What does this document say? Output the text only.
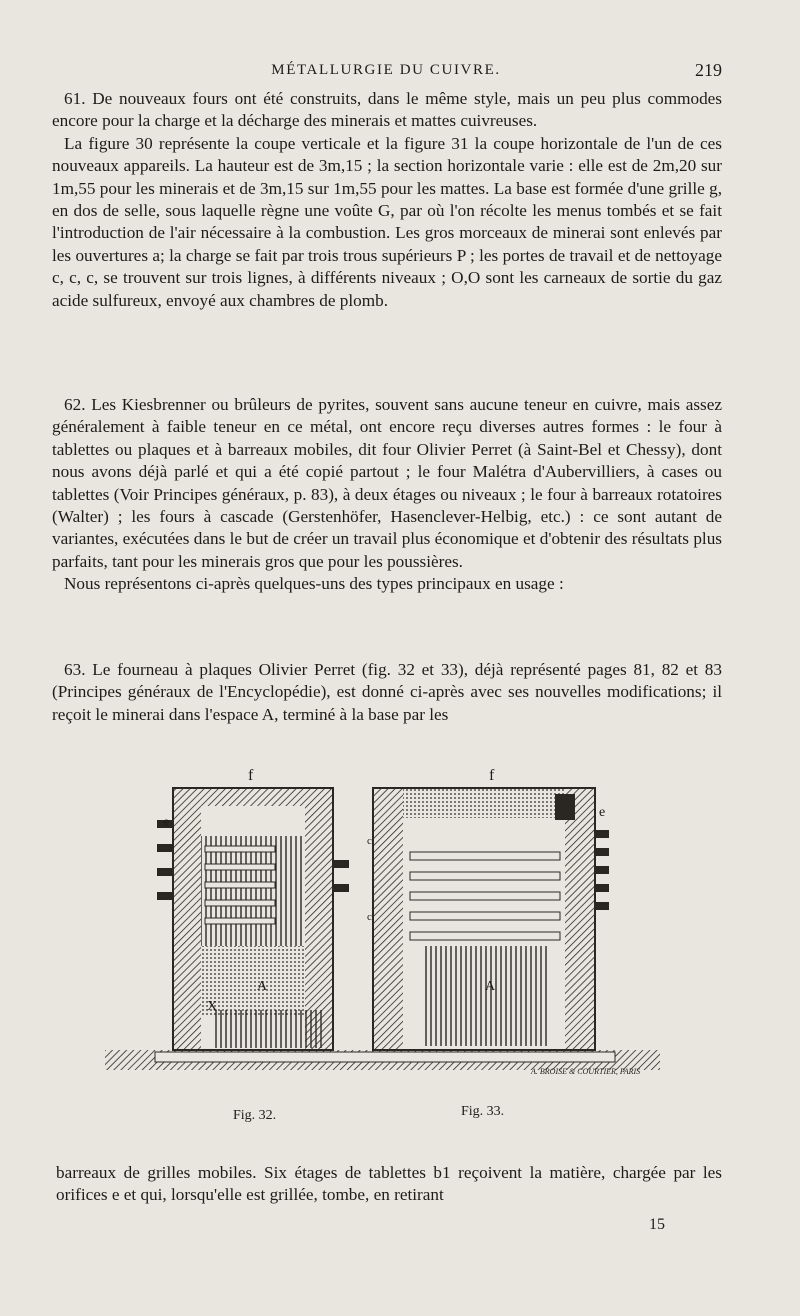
MÉTALLURGIE DU CUIVRE.	219

61. De nouveaux fours ont été construits, dans le même style, mais un peu plus commodes encore pour la charge et la décharge des minerais et mattes cuivreuses.

La figure 30 représente la coupe verticale et la figure 31 la coupe horizontale de l'un de ces nouveaux appareils. La hauteur est de 3m,15 ; la section horizontale varie : elle est de 2m,20 sur 1m,55 pour les minerais et de 3m,15 sur 1m,55 pour les mattes. La base est formée d'une grille g, en dos de selle, sous laquelle règne une voûte G, par où l'on récolte les menus tombés et se fait l'introduction de l'air nécessaire à la combustion. Les gros morceaux de minerai sont enlevés par les ouvertures a; la charge se fait par trois trous supérieurs P ; les portes de travail et de nettoyage c, c, c, se trouvent sur trois lignes, à différents niveaux ; O,O sont les carneaux de sortie du gaz acide sulfureux, envoyé aux chambres de plomb.

62. Les Kiesbrenner ou brûleurs de pyrites, souvent sans aucune teneur en cuivre, mais assez généralement à faible teneur en ce métal, ont encore reçu diverses autres formes : le four à tablettes ou plaques et à barreaux mobiles, dit four Olivier Perret (à Saint-Bel et Chessy), dont nous avons déjà parlé et qui a été copié partout ; le four Malétra d'Aubervilliers, à cases ou tablettes (Voir Principes généraux, p. 83), à deux étages ou niveaux ; le four à barreaux rotatoires (Walter) ; les fours à cascade (Gerstenhöfer, Hasenclever-Helbig, etc.) : ce sont autant de variantes, exécutées dans le but de créer un travail plus économique et d'obtenir des résultats plus parfaits, tant pour les minerais gros que pour les poussières.

Nous représentons ci-après quelques-uns des types principaux en usage :

63. Le fourneau à plaques Olivier Perret (fig. 32 et 33), déjà représenté pages 81, 82 et 83 (Principes généraux de l'Encyclopédie), est donné ci-après avec ses nouvelles modifications; il reçoit le minerai dans l'espace A, terminé à la base par les

f	f
e
e
c
c
A	A
X
A. BROISE & COURTIER, PARIS
Fig. 32.	Fig. 33.

barreaux de grilles mobiles. Six étages de tablettes b1 reçoivent la matière, chargée par les orifices e et qui, lorsqu'elle est grillée, tombe, en retirant

15
